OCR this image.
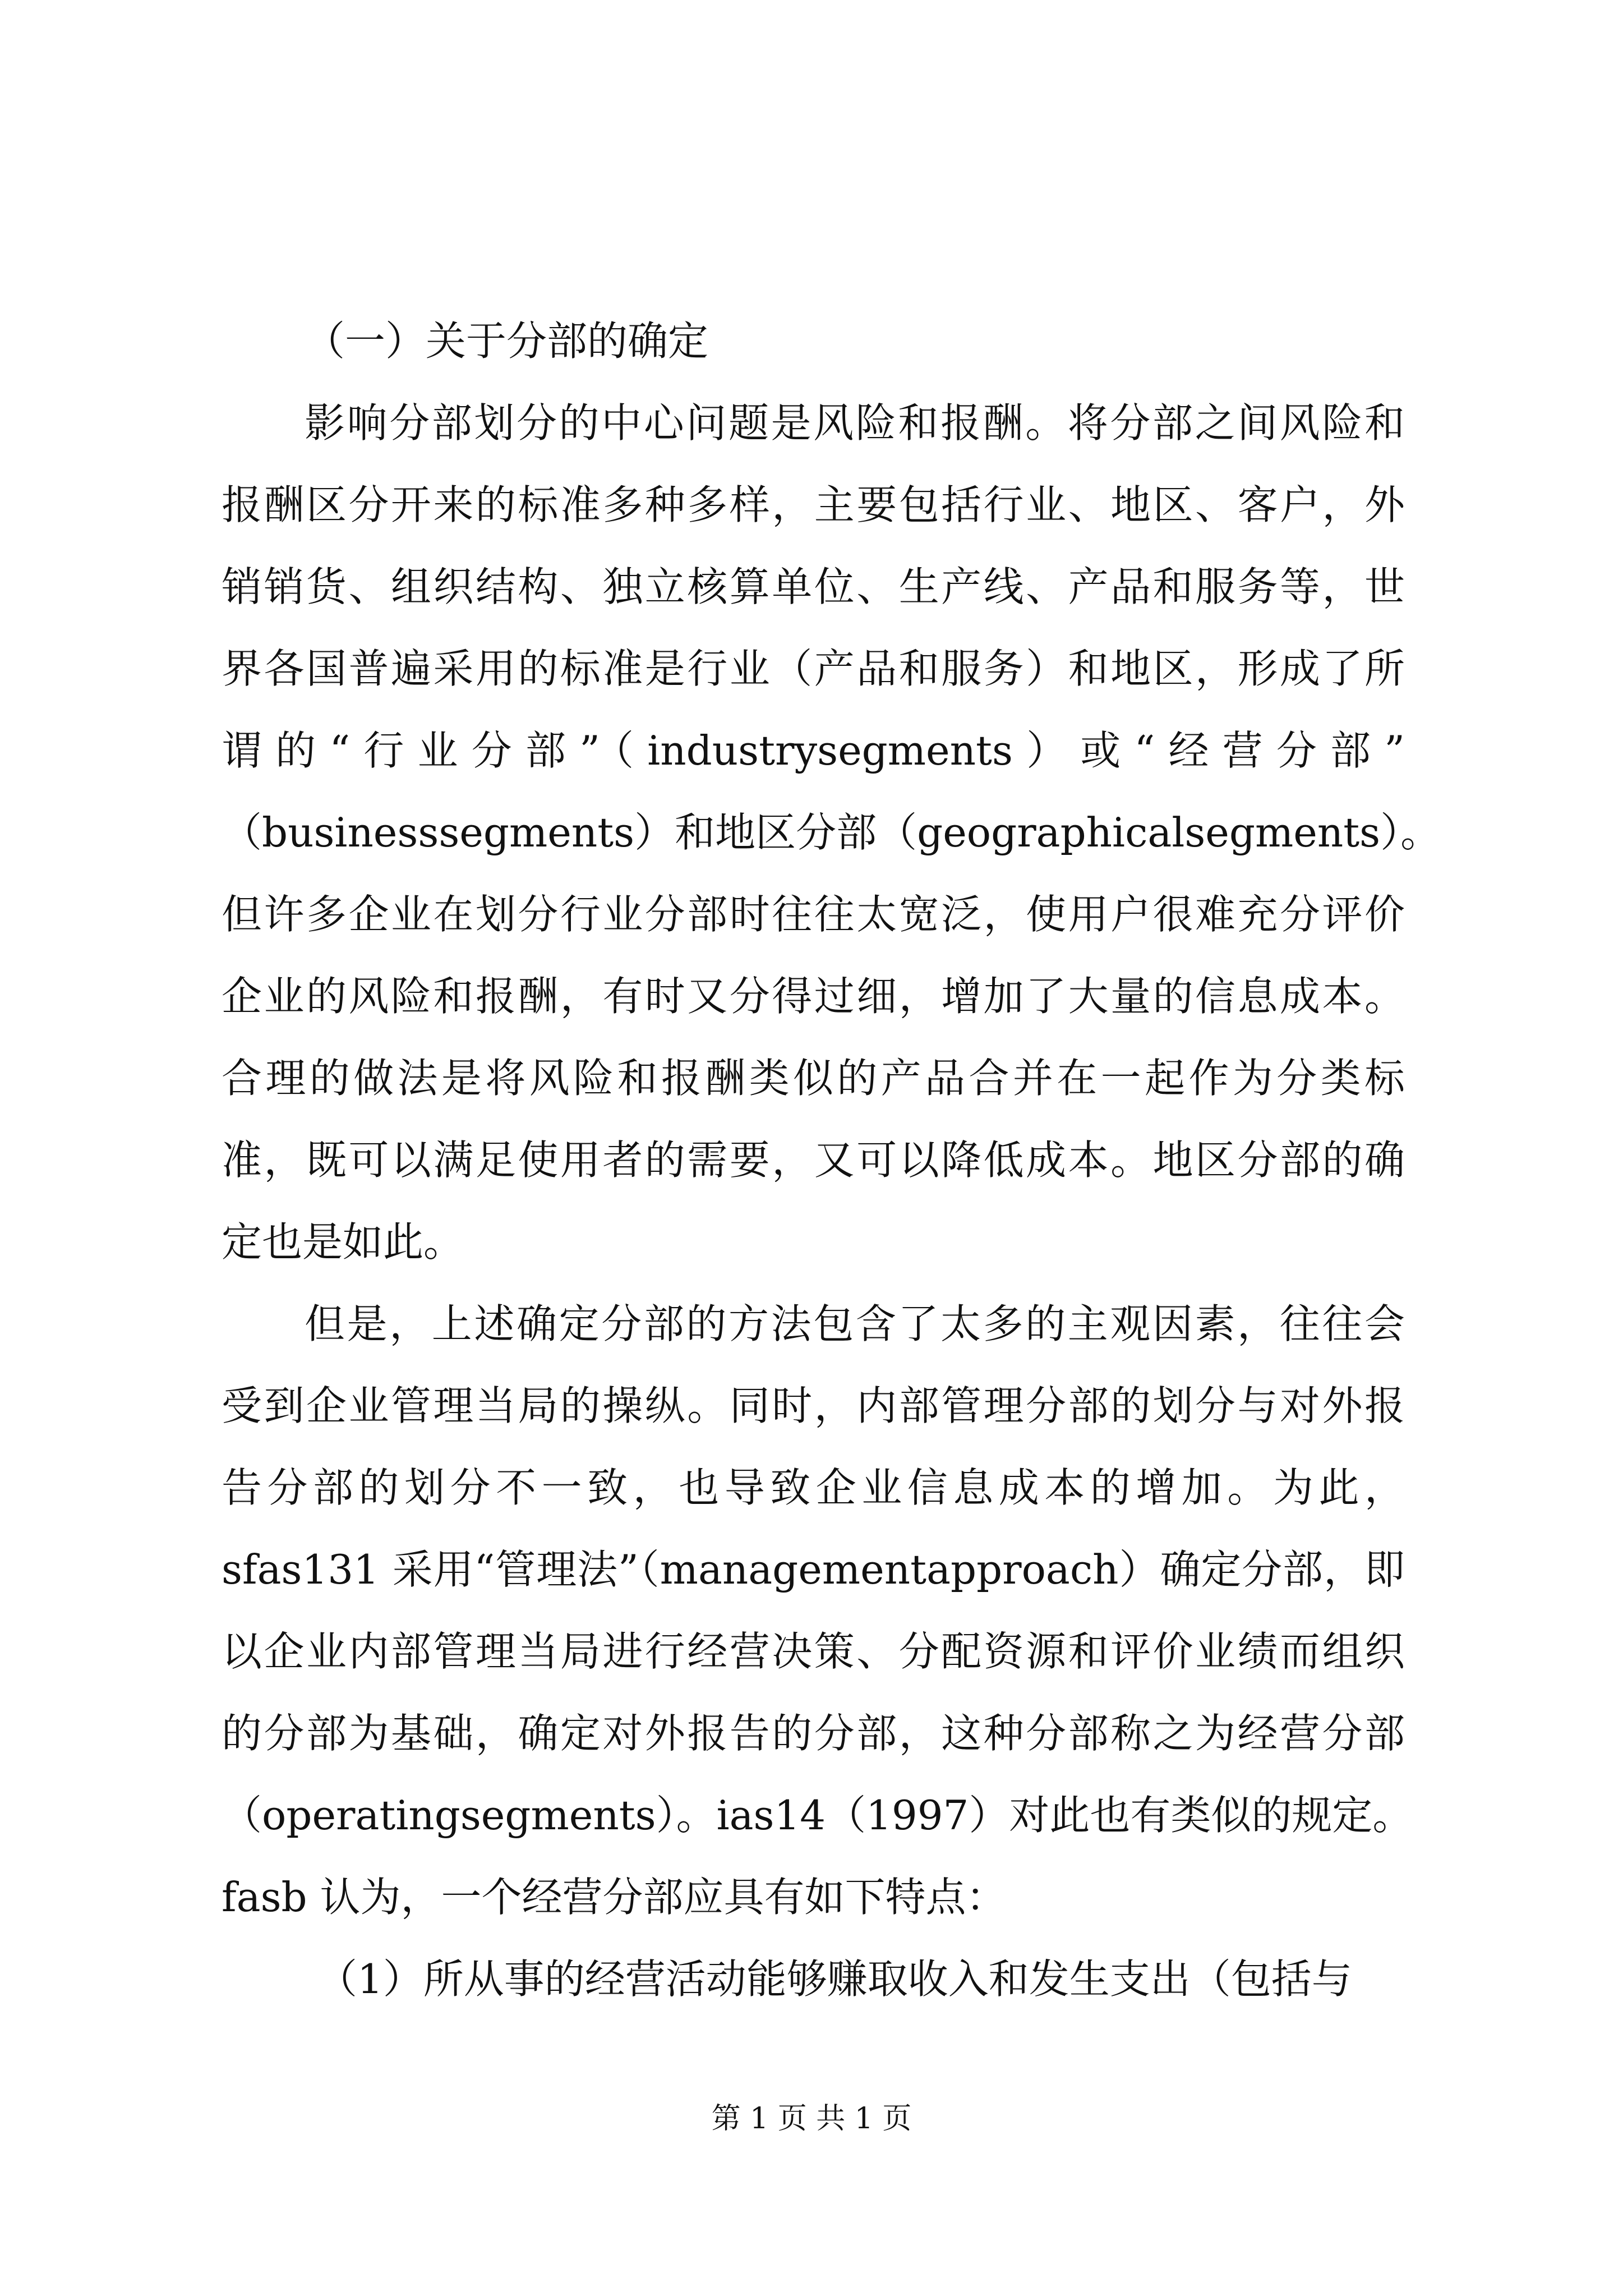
（一）关于分部的确定
影响分部划分的中心问题是风险和报酬。将分部之间风险和
报酬区分开来的标准多种多样，主要包括行业、地区、客户，外
销销货、组织结构、独立核算单位、生产线、产品和服务等，世
界各国普遍采用的标准是行业（产品和服务）和地区，形成了所
谓的“行业分部”（industrysegments）或“经营分部”
（businesssegments）和地区分部（geographicalsegments）。
但许多企业在划分行业分部时往往太宽泛，使用户很难充分评价
企业的风险和报酬，有时又分得过细，增加了大量的信息成本。
合理的做法是将风险和报酬类似的产品合并在一起作为分类标
准，既可以满足使用者的需要，又可以降低成本。地区分部的确
定也是如此。
但是，上述确定分部的方法包含了太多的主观因素，往往会
受到企业管理当局的操纵。同时，内部管理分部的划分与对外报
告分部的划分不一致，也导致企业信息成本的增加。为此，
sfas131 采用“管理法”（managementapproach）确定分部，即
以企业内部管理当局进行经营决策、分配资源和评价业绩而组织
的分部为基础，确定对外报告的分部，这种分部称之为经营分部
（operatingsegments）。ias14（1997）对此也有类似的规定。
fasb 认为，一个经营分部应具有如下特点：
（1）所从事的经营活动能够赚取收入和发生支出（包括与
第 1 页 共 1 页
